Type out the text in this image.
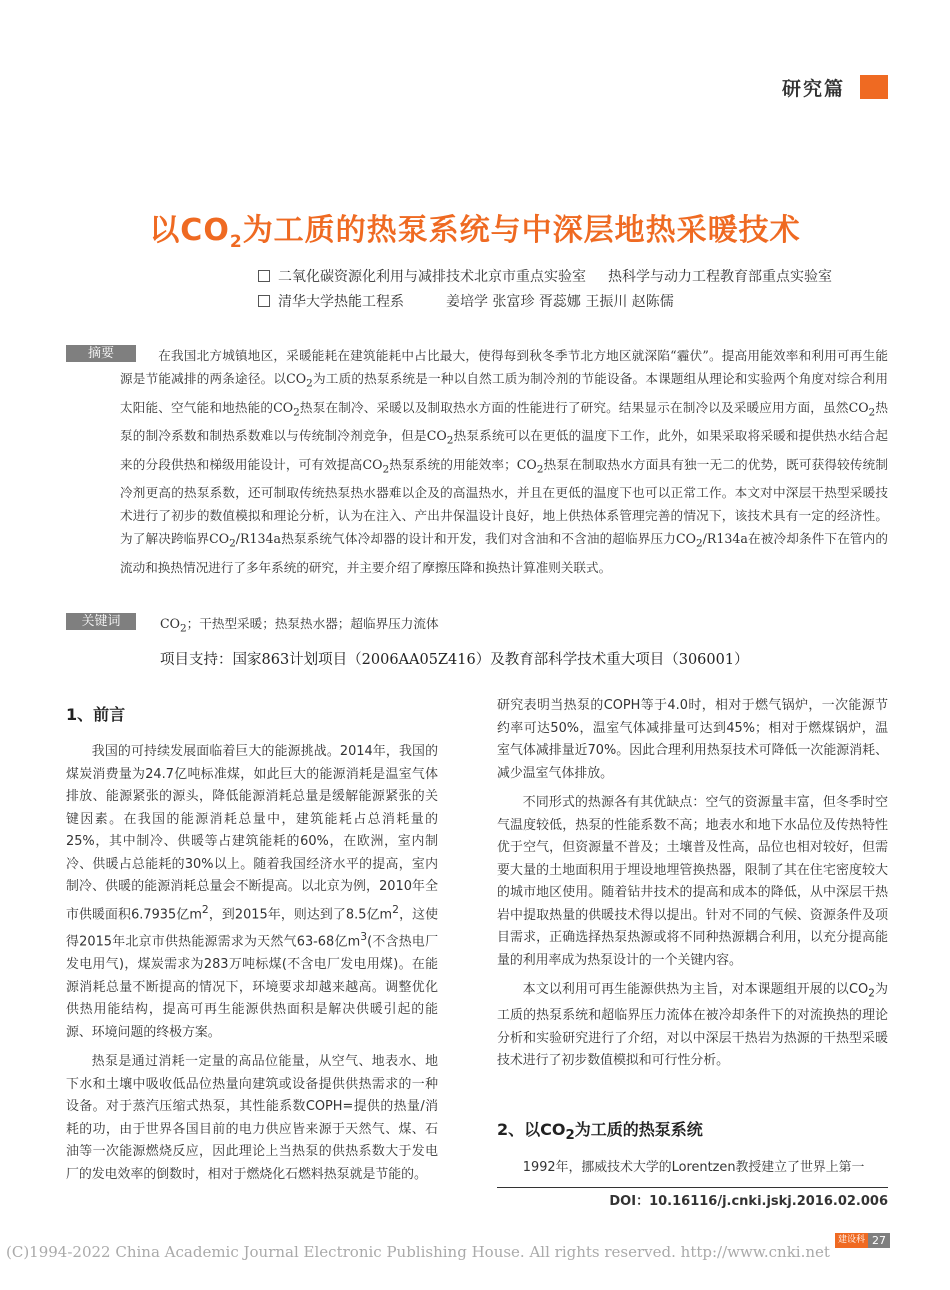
研究篇
以$CO_2$为工质的热泵系统与中深层地热采暖技术
二氧化碳资源化利用与减排技术北京市重点实验室 热科学与动力工程教育部重点实验室
清华大学热能工程系	姜培学 张富珍 胥蕊娜 王振川 赵陈儒
摘要	在我国北方城镇地区，采暖能耗在建筑能耗中占比最大，使得每到秋冬季节北方地区就深陷“霾伏”。提高用能效率和利用可再生能源是节能减排的两条途径。以$CO_2$为工质的热泵系统是一种以自然工质为制冷剂的节能设备。本课题组从理论和实验两个角度对综合利用太阳能、空气能和地热能的$CO_2$热泵在制冷、采暖以及制取热水方面的性能进行了研究。结果显示在制冷以及采暖应用方面，虽然$CO_2$热泵的制冷系数和制热系数难以与传统制冷剂竞争，但是$CO_2$热泵系统可以在更低的温度下工作，此外，如果采取将采暖和提供热水结合起来的分段供热和梯级用能设计，可有效提高$CO_2$热泵系统的用能效率；$CO_2$热泵在制取热水方面具有独一无二的优势，既可获得较传统制冷剂更高的热泵系数，还可制取传统热泵热水器难以企及的高温热水，并且在更低的温度下也可以正常工作。本文对中深层干热型采暖技术进行了初步的数值模拟和理论分析，认为在注入、产出井保温设计良好，地上供热体系管理完善的情况下，该技术具有一定的经济性。为了解决跨临界$CO_2/R134a$热泵系统气体冷却器的设计和开发，我们对含油和不含油的超临界压力$CO_2/R134a$在被冷却条件下在管内的流动和换热情况进行了多年系统的研究，并主要介绍了摩擦压降和换热计算准则关联式。
关键词	$CO_2$；干热型采暖；热泵热水器；超临界压力流体
项目支持：国家863计划项目（2006AA05Z416）及教育部科学技术重大项目（306001）
1、前言

我国的可持续发展面临着巨大的能源挑战。2014年，我国的煤炭消费量为24.7亿吨标准煤，如此巨大的能源消耗是温室气体排放、能源紧张的源头，降低能源消耗总量是缓解能源紧张的关键因素。在我国的能源消耗总量中，建筑能耗占总消耗量的25%，其中制冷、供暖等占建筑能耗的60%，在欧洲，室内制冷、供暖占总能耗的30%以上。随着我国经济水平的提高，室内制冷、供暖的能源消耗总量会不断提高。以北京为例，2010年全市供暖面积6.7935亿$m^2$，到2015年，则达到了8.5亿$m^2$，这使得2015年北京市供热能源需求为天然气63-68亿$m^3$(不含热电厂发电用气)，煤炭需求为283万吨标煤(不含电厂发电用煤)。在能源消耗总量不断提高的情况下，环境要求却越来越高。调整优化供热用能结构，提高可再生能源供热面积是解决供暖引起的能源、环境问题的终极方案。

热泵是通过消耗一定量的高品位能量，从空气、地表水、地下水和土壤中吸收低品位热量向建筑或设备提供供热需求的一种设备。对于蒸汽压缩式热泵，其性能系数COPH=提供的热量/消耗的功，由于世界各国目前的电力供应皆来源于天然气、煤、石油等一次能源燃烧反应，因此理论上当热泵的供热系数大于发电厂的发电效率的倒数时，相对于燃烧化石燃料热泵就是节能的。

研究表明当热泵的COPH等于4.0时，相对于燃气锅炉，一次能源节约率可达50%，温室气体减排量可达到45%；相对于燃煤锅炉，温室气体减排量近70%。因此合理利用热泵技术可降低一次能源消耗、减少温室气体排放。

不同形式的热源各有其优缺点：空气的资源量丰富，但冬季时空气温度较低，热泵的性能系数不高；地表水和地下水品位及传热特性优于空气，但资源量不普及；土壤普及性高，品位也相对较好，但需要大量的土地面积用于埋设地埋管换热器，限制了其在住宅密度较大的城市地区使用。随着钻井技术的提高和成本的降低，从中深层干热岩中提取热量的供暖技术得以提出。针对不同的气候、资源条件及项目需求，正确选择热泵热源或将不同种热源耦合利用，以充分提高能量的利用率成为热泵设计的一个关键内容。

本文以利用可再生能源供热为主旨，对本课题组开展的以$CO_2$为工质的热泵系统和超临界压力流体在被冷却条件下的对流换热的理论分析和实验研究进行了介绍，对以中深层干热岩为热源的干热型采暖技术进行了初步数值模拟和可行性分析。

2、以$CO_2$为工质的热泵系统

1992年，挪威技术大学的Lorentzen教授建立了世界上第一

DOI：10.16116/j.cnki.jskj.2016.02.006
(C)1994-2022 China Academic Journal Electronic Publishing House. All rights reserved. http://www.cnki.net
建设科技
27
